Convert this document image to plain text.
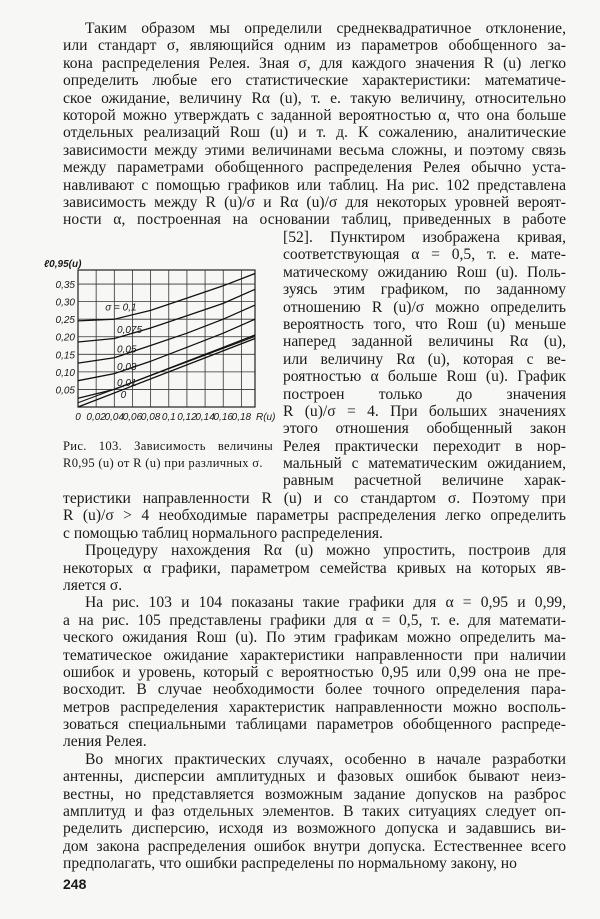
Таким образом мы определили среднеквадратичное отклонение,
или стандарт σ, являющийся одним из параметров обобщенного за-
кона распределения Релея. Зная σ, для каждого значения R (u) легко
определить любые его статистические характеристики: математиче-
ское ожидание, величину Rα (u), т. е. такую величину, относительно
которой можно утверждать с заданной вероятностью α, что она больше
отдельных реализаций Rош (u) и т. д. К сожалению, аналитические
зависимости между этими величинами весьма сложны, и поэтому связь
между параметрами обобщенного распределения Релея обычно уста-
навливают с помощью графиков или таблиц. На рис. 102 представлена
зависимость между R (u)/σ и Rα (u)/σ для некоторых уровней вероят-
ности α, построенная на основании таблиц, приведенных в работе
0 0,02
0,04
0,06
0,08 0,1 0,12
0,14
0,16
0,18
0,05
0,10
0,15
0,20
0,25
0,30
0,35
R(u)
ℓ0,95(u)
σ = 0,1
0,075
0,05
0,03
0,01
0
Рис. 103. Зависимость величины
R0,95 (u) от R (u) при различных σ.
[52]. Пунктиром изображена кривая,
соответствующая α = 0,5, т. е. мате-
матическому ожиданию Rош (u). Поль-
зуясь этим графиком, по заданному
отношению R (u)/σ можно определить
вероятность того, что Rош (u) меньше
наперед заданной величины Rα (u),
или величину Rα (u), которая с ве-
роятностью α больше Rош (u). График
построен только до значения
R (u)/σ = 4. При больших значениях
этого отношения обобщенный закон
Релея практически переходит в нор-
мальный с математическим ожиданием,
равным расчетной величине харак-
теристики направленности R (u) и со стандартом σ. Поэтому при
R (u)/σ > 4 необходимые параметры распределения легко определить
с помощью таблиц нормального распределения.
Процедуру нахождения Rα (u) можно упростить, построив для
некоторых α графики, параметром семейства кривых на которых яв-
ляется σ.
На рис. 103 и 104 показаны такие графики для α = 0,95 и 0,99,
а на рис. 105 представлены графики для α = 0,5, т. е. для математи-
ческого ожидания Rош (u). По этим графикам можно определить ма-
тематическое ожидание характеристики направленности при наличии
ошибок и уровень, который с вероятностью 0,95 или 0,99 она не пре-
восходит. В случае необходимости более точного определения пара-
метров распределения характеристик направленности можно восполь-
зоваться специальными таблицами параметров обобщенного распреде-
ления Релея.
Во многих практических случаях, особенно в начале разработки
антенны, дисперсии амплитудных и фазовых ошибок бывают неиз-
вестны, но представляется возможным задание допусков на разброс
амплитуд и фаз отдельных элементов. В таких ситуациях следует оп-
ределить дисперсию, исходя из возможного допуска и задавшись ви-
дом закона распределения ошибок внутри допуска. Естественнее всего
предполагать, что ошибки распределены по нормальному закону, но
248
